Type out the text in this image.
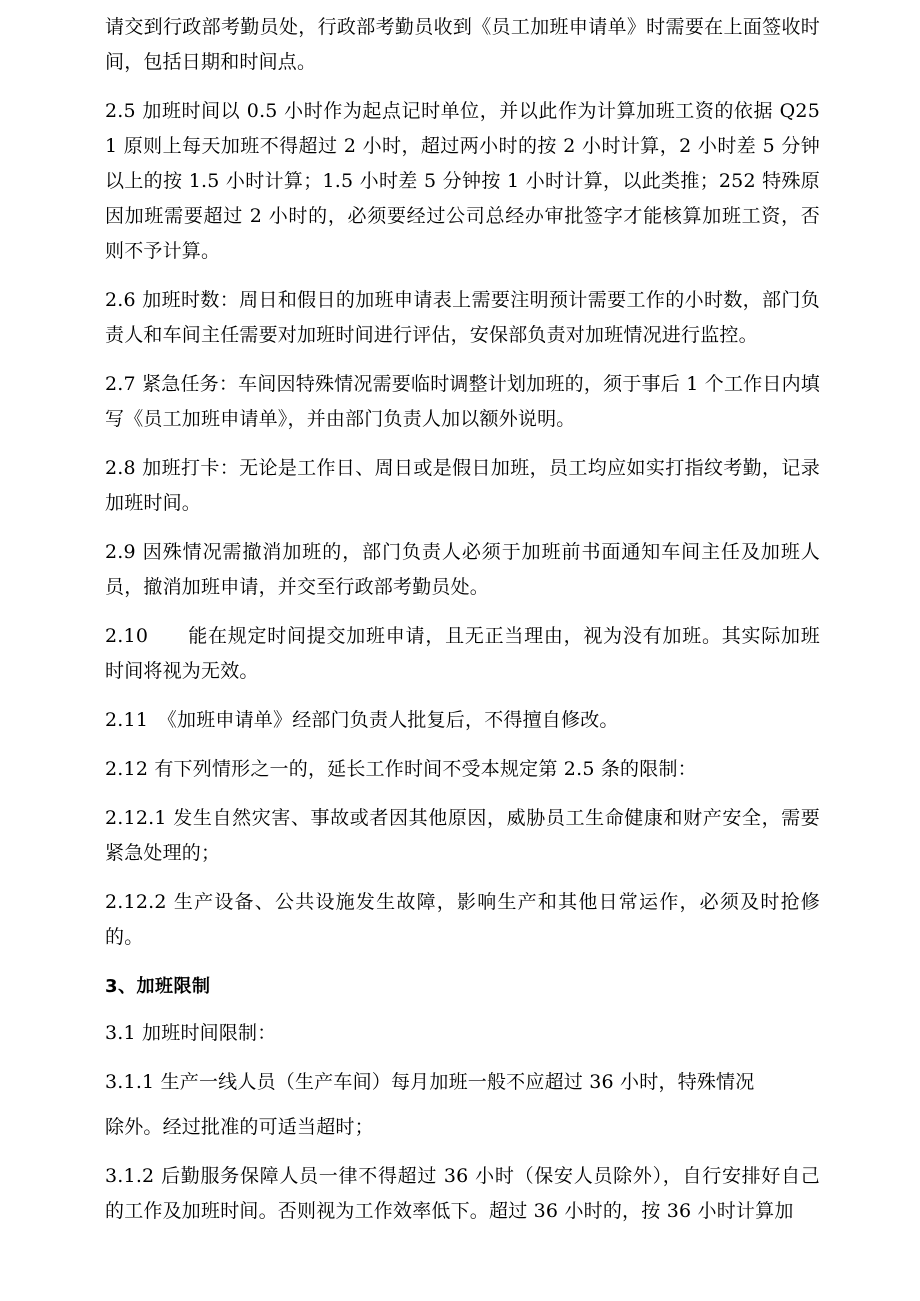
请交到行政部考勤员处，行政部考勤员收到《员工加班申请单》时需要在上面签收时间，包括日期和时间点。

2.5 加班时间以 0.5 小时作为起点记时单位，并以此作为计算加班工资的依据 Q251 原则上每天加班不得超过 2 小时，超过两小时的按 2 小时计算，2 小时差 5 分钟以上的按 1.5 小时计算；1.5 小时差 5 分钟按 1 小时计算，以此类推；252 特殊原因加班需要超过 2 小时的，必须要经过公司总经办审批签字才能核算加班工资，否则不予计算。

2.6 加班时数：周日和假日的加班申请表上需要注明预计需要工作的小时数，部门负责人和车间主任需要对加班时间进行评估，安保部负责对加班情况进行监控。

2.7 紧急任务：车间因特殊情况需要临时调整计划加班的，须于事后 1 个工作日内填写《员工加班申请单》，并由部门负责人加以额外说明。

2.8 加班打卡：无论是工作日、周日或是假日加班，员工均应如实打指纹考勤，记录加班时间。

2.9 因殊情况需撤消加班的，部门负责人必须于加班前书面通知车间主任及加班人员，撤消加班申请，并交至行政部考勤员处。

2.10　　能在规定时间提交加班申请，且无正当理由，视为没有加班。其实际加班时间将视为无效。

2.11　《加班申请单》经部门负责人批复后，不得擅自修改。

2.12 有下列情形之一的，延长工作时间不受本规定第 2.5 条的限制：

2.12.1 发生自然灾害、事故或者因其他原因，威胁员工生命健康和财产安全，需要紧急处理的；

2.12.2 生产设备、公共设施发生故障，影响生产和其他日常运作，必须及时抢修的。

3、加班限制

3.1 加班时间限制：

3.1.1 生产一线人员（生产车间）每月加班一般不应超过 36 小时，特殊情况

除外。经过批准的可适当超时；

3.1.2 后勤服务保障人员一律不得超过 36 小时（保安人员除外），自行安排好自己的工作及加班时间。否则视为工作效率低下。超过 36 小时的，按 36 小时计算加
